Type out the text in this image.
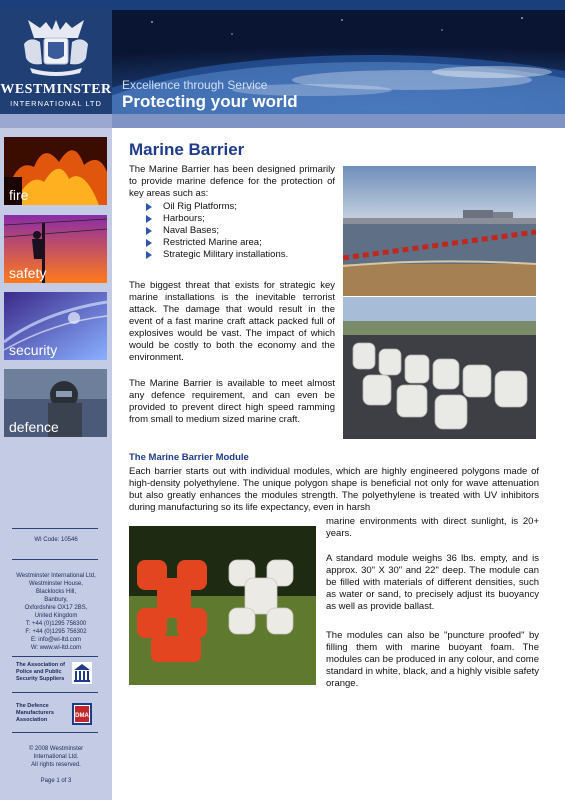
WESTMINSTER
INTERNATIONAL LTD
Excellence through Service
Protecting your world
fire
safety
security
defence
WI Code: 10546
Westminster International Ltd,
Westminster House,
Blacklocks Hill,
Banbury,
Oxfordshire OX17 2BS,
United Kingdom
T: +44 (0)1295 756300
F: +44 (0)1295 756302
E: info@wi-ltd.com
W: www.wi-ltd.com
The Association of
Police and Public
Security Suppliers
The Defence
Manufacturers
Association
DMA
© 2008 Westminster
International Ltd.
All rights reserved.
Page 1 of 3
Marine Barrier

The Marine Barrier has been designed primarily to provide marine defence for the protection of key areas such as:

Oil Rig Platforms;
Harbours;
Naval Bases;
Restricted Marine area;
Strategic Military installations.

The biggest threat that exists for strategic key marine installations is the inevitable terrorist attack. The damage that would result in the event of a fast marine craft attack packed full of explosives would be vast. The impact of which would be costly to both the economy and the environment.

The Marine Barrier is available to meet almost any defence requirement, and can even be provided to prevent direct high speed ramming from small to medium sized marine craft.

The Marine Barrier Module

Each barrier starts out with individual modules, which are highly engineered polygons made of high-density polyethylene. The unique polygon shape is beneficial not only for wave attenuation but also greatly enhances the modules strength. The polyethylene is treated with UV inhibitors during manufacturing so its life expectancy, even in harsh

marine environments with direct sunlight, is 20+ years.

A standard module weighs 36 lbs. empty, and is approx. 30" X 30" and 22" deep. The module can be filled with materials of different densities, such as water or sand, to precisely adjust its buoyancy as well as provide ballast.

The modules can also be "puncture proofed" by filling them with marine buoyant foam. The modules can be produced in any colour, and come standard in white, black, and a highly visible safety orange.
